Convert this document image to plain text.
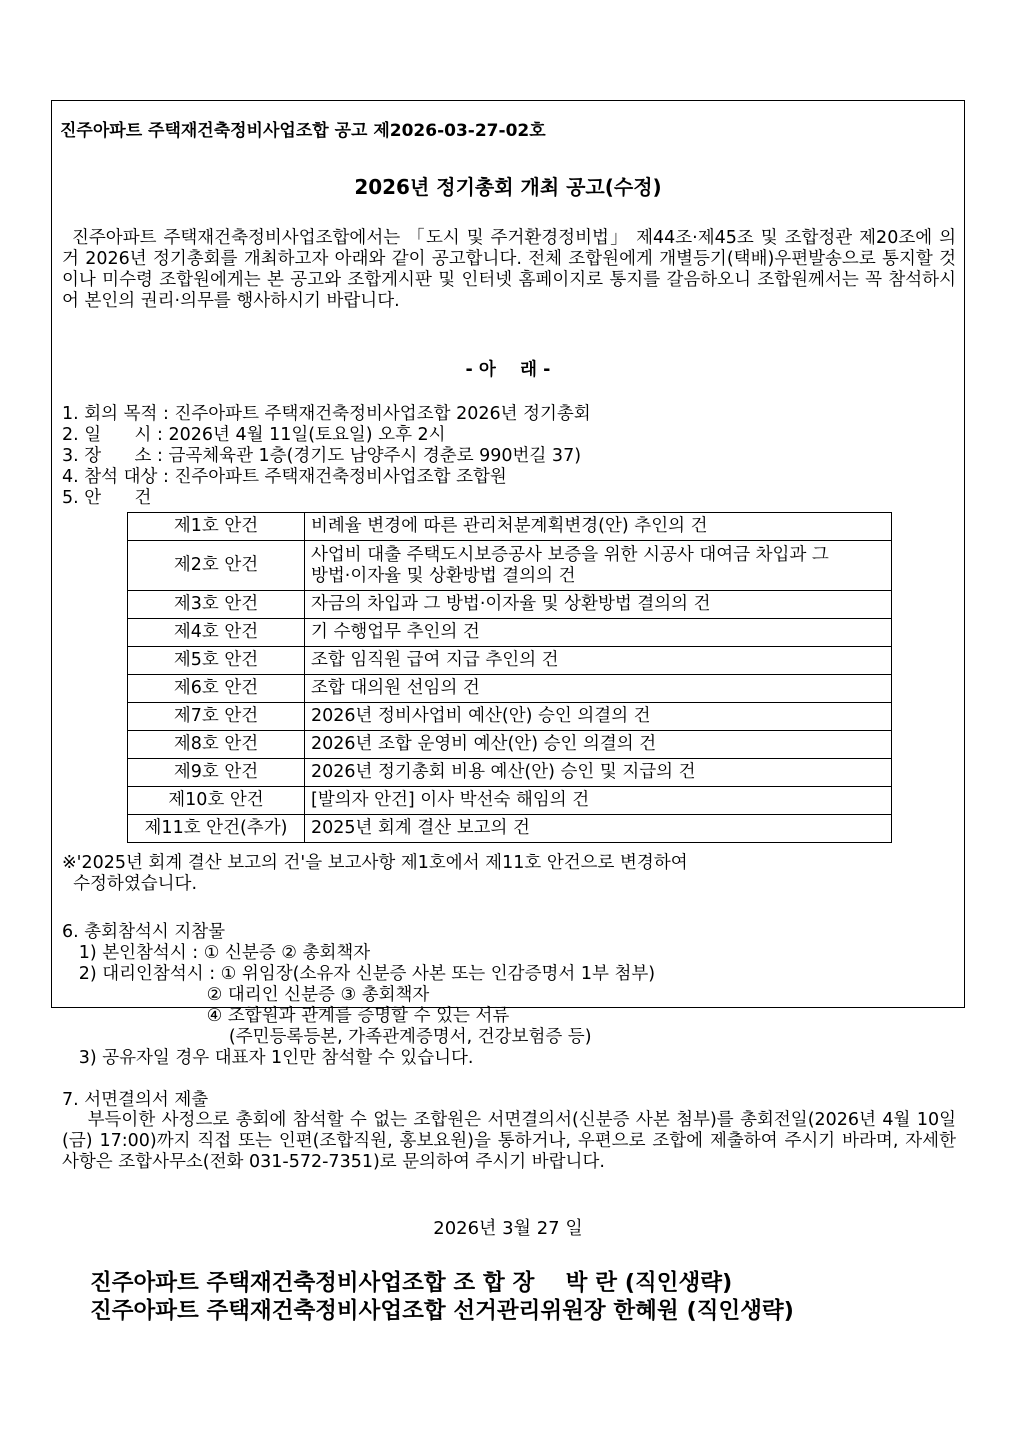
진주아파트 주택재건축정비사업조합 공고 제2026-03-27-02호
2026년 정기총회 개최 공고(수정)
진주아파트 주택재건축정비사업조합에서는 「도시 및 주거환경정비법」 제44조·제45조 및 조합정관 제20조에 의거 2026년 정기총회를 개최하고자 아래와 같이 공고합니다. 전체 조합원에게 개별등기(택배)우편발송으로 통지할 것이나 미수령 조합원에게는 본 공고와 조합게시판 및 인터넷 홈페이지로 통지를 갈음하오니 조합원께서는 꼭 참석하시어 본인의 권리·의무를 행사하시기 바랍니다.
- 아    래 -
1. 회의 목적 : 진주아파트 주택재건축정비사업조합 2026년 정기총회
2. 일      시 : 2026년 4월 11일(토요일) 오후 2시
3. 장      소 : 금곡체육관 1층(경기도 남양주시 경춘로 990번길 37)
4. 참석 대상 : 진주아파트 주택재건축정비사업조합 조합원
5. 안      건
제1호 안건	비례율 변경에 따른 관리처분계획변경(안) 추인의 건
제2호 안건	사업비 대출 주택도시보증공사 보증을 위한 시공사 대여금 차입과 그 방법·이자율 및 상환방법 결의의 건
제3호 안건	자금의 차입과 그 방법·이자율 및 상환방법 결의의 건
제4호 안건	기 수행업무 추인의 건
제5호 안건	조합 임직원 급여 지급 추인의 건
제6호 안건	조합 대의원 선임의 건
제7호 안건	2026년 정비사업비 예산(안) 승인 의결의 건
제8호 안건	2026년 조합 운영비 예산(안) 승인 의결의 건
제9호 안건	2026년 정기총회 비용 예산(안) 승인 및 지급의 건
제10호 안건	[발의자 안건] 이사 박선숙 해임의 건
제11호 안건(추가)	2025년 회계 결산 보고의 건
※'2025년 회계 결산 보고의 건'을 보고사항 제1호에서 제11호 안건으로 변경하여
수정하였습니다.
6. 총회참석시 지참물
1) 본인참석시 : ① 신분증 ② 총회책자
2) 대리인참석시 : ① 위임장(소유자 신분증 사본 또는 인감증명서 1부 첨부)
② 대리인 신분증 ③ 총회책자
④ 조합원과 관계를 증명할 수 있는 서류
(주민등록등본, 가족관계증명서, 건강보험증 등)
3) 공유자일 경우 대표자 1인만 참석할 수 있습니다.
7. 서면결의서 제출
부득이한 사정으로 총회에 참석할 수 없는 조합원은 서면결의서(신분증 사본 첨부)를 총회전일(2026년 4월 10일(금) 17:00)까지 직접 또는 인편(조합직원, 홍보요원)을 통하거나, 우편으로 조합에 제출하여 주시기 바라며, 자세한 사항은 조합사무소(전화 031-572-7351)로 문의하여 주시기 바랍니다.
2026년 3월 27 일
진주아파트 주택재건축정비사업조합 조 합 장    박 란 (직인생략)
진주아파트 주택재건축정비사업조합 선거관리위원장 한혜원 (직인생략)
